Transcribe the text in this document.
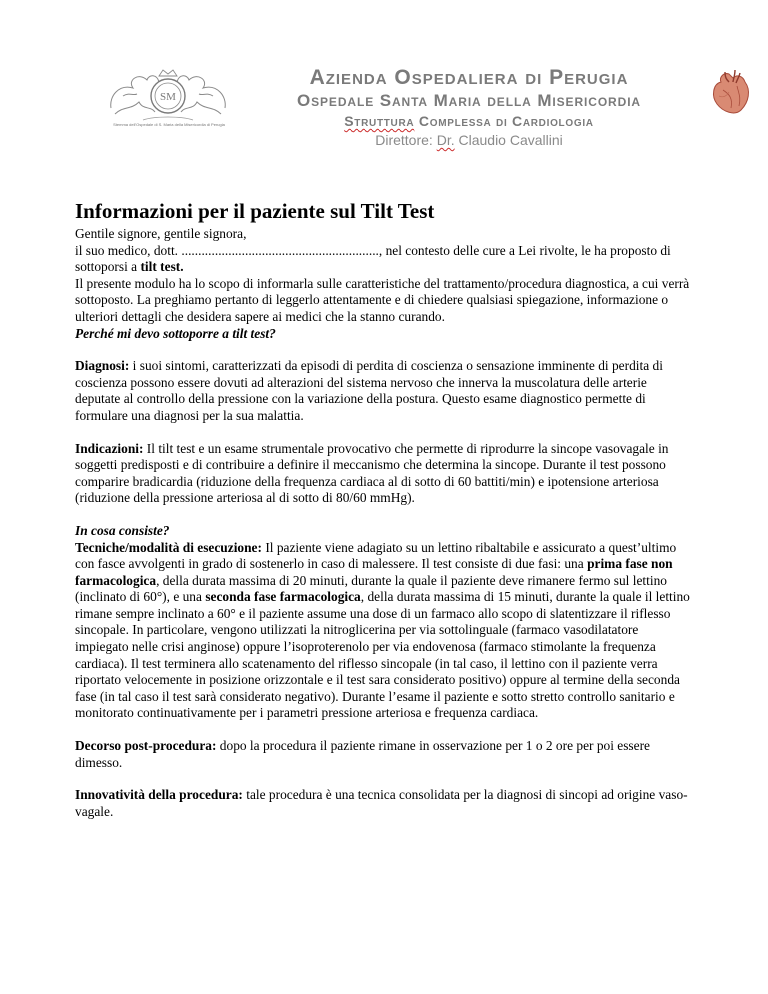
SM
Stemma dell'Ospedale di S. Maria della Misericordia di Perugia
Azienda Ospedaliera di Perugia
Ospedale Santa Maria della Misericordia
Struttura Complessa di Cardiologia
Direttore: Dr. Claudio Cavallini
Informazioni per il paziente sul Tilt Test

Gentile signore, gentile signora,

il suo medico, dott. ..........................................................., nel contesto delle cure a Lei rivolte, le ha proposto di sottoporsi a tilt test.

Il presente modulo ha lo scopo di informarla sulle caratteristiche del trattamento/procedura diagnostica, a cui verrà sottoposto. La preghiamo pertanto di leggerlo attentamente e di chiedere qualsiasi spiegazione, informazione o ulteriori dettagli che desidera sapere ai medici che la stanno curando.

Perché mi devo sottoporre a tilt test?

Diagnosi: i suoi sintomi, caratterizzati da episodi di perdita di coscienza o sensazione imminente di perdita di coscienza possono essere dovuti ad alterazioni del sistema nervoso che innerva la muscolatura delle arterie deputate al controllo della pressione con la variazione della postura. Questo esame diagnostico permette di formulare una diagnosi per la sua malattia.

Indicazioni: Il tilt test e un esame strumentale provocativo che permette di riprodurre la sincope vasovagale in soggetti predisposti e di contribuire a definire il meccanismo che determina la sincope. Durante il test possono comparire bradicardia (riduzione della frequenza cardiaca al di sotto di 60 battiti/min) e ipotensione arteriosa (riduzione della pressione arteriosa al di sotto di 80/60 mmHg).

In cosa consiste?

Tecniche/modalità di esecuzione: Il paziente viene adagiato su un lettino ribaltabile e assicurato a quest’ultimo con fasce avvolgenti in grado di sostenerlo in caso di malessere. Il test consiste di due fasi: una prima fase non farmacologica, della durata massima di 20 minuti, durante la quale il paziente deve rimanere fermo sul lettino (inclinato di 60°), e una seconda fase farmacologica, della durata massima di 15 minuti, durante la quale il lettino rimane sempre inclinato a 60° e il paziente assume una dose di un farmaco allo scopo di slatentizzare il riflesso sincopale. In particolare, vengono utilizzati la nitroglicerina per via sottolinguale (farmaco vasodilatatore impiegato nelle crisi anginose) oppure l’isoproterenolo per via endovenosa (farmaco stimolante la frequenza cardiaca). Il test terminera allo scatenamento del riflesso sincopale (in tal caso, il lettino con il paziente verra riportato velocemente in posizione orizzontale e il test sara considerato positivo) oppure al termine della seconda fase (in tal caso il test sarà considerato negativo). Durante l’esame il paziente e sotto stretto controllo sanitario e monitorato continuativamente per i parametri pressione arteriosa e frequenza cardiaca.

Decorso post-procedura: dopo la procedura il paziente rimane in osservazione per 1 o 2 ore per poi essere dimesso.

Innovatività della procedura: tale procedura è una tecnica consolidata per la diagnosi di sincopi ad origine vaso-vagale.
